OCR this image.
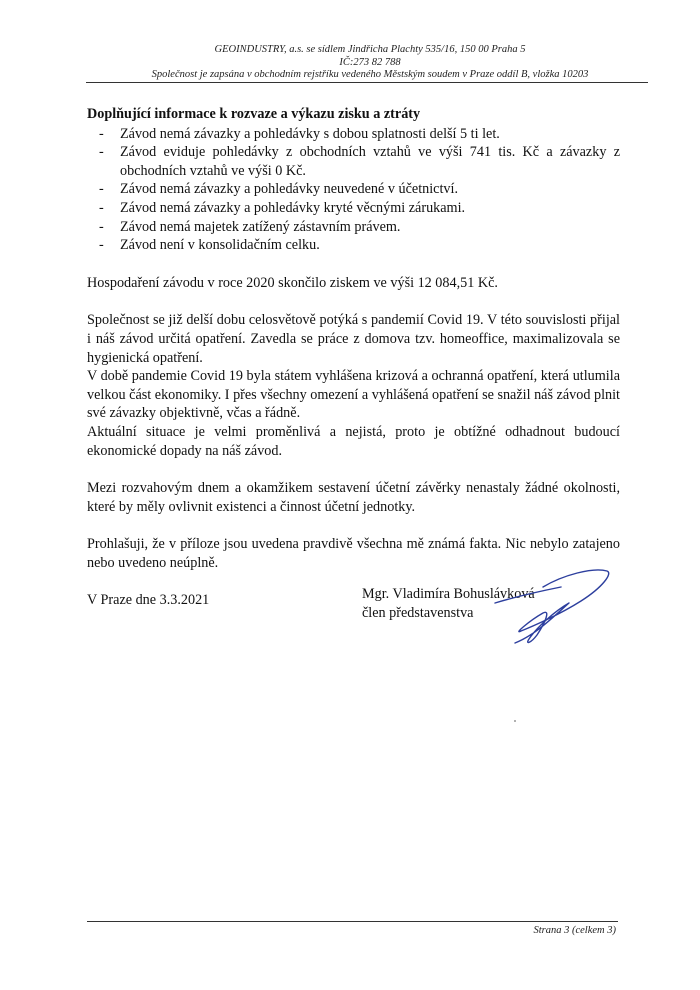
GEOINDUSTRY, a.s. se sídlem Jindřicha Plachty 535/16, 150 00 Praha 5
IČ:273 82 788
Společnost je zapsána v obchodním rejstříku vedeného Městským soudem v Praze oddíl B, vložka 10203
Doplňující informace k rozvaze a výkazu zisku a ztráty
- Závod nemá závazky a pohledávky s dobou splatnosti delší 5 ti let.
- Závod eviduje pohledávky z obchodních vztahů ve výši 741 tis. Kč a závazky z obchodních vztahů ve výši 0 Kč.
- Závod nemá závazky a pohledávky neuvedené v účetnictví.
- Závod nemá závazky a pohledávky kryté věcnými zárukami.
- Závod nemá majetek zatížený zástavním právem.
- Závod není v konsolidačním celku.

Hospodaření závodu v roce 2020 skončilo ziskem ve výši 12 084,51 Kč.

Společnost se již delší dobu celosvětově potýká s pandemií Covid 19. V této souvislosti přijal i náš závod určitá opatření. Zavedla se práce z domova tzv. homeoffice, maximalizovala se hygienická opatření.

V době pandemie Covid 19 byla státem vyhlášena krizová a ochranná opatření, která utlumila velkou část ekonomiky. I přes všechny omezení a vyhlášená opatření se snažil náš závod plnit své závazky objektivně, včas a řádně.

Aktuální situace je velmi proměnlivá a nejistá, proto je obtížné odhadnout budoucí ekonomické dopady na náš závod.

Mezi rozvahovým dnem a okamžikem sestavení účetní závěrky nenastaly žádné okolnosti, které by měly ovlivnit existenci a činnost účetní jednotky.

Prohlašuji, že v příloze jsou uvedena pravdivě všechna mě známá fakta. Nic nebylo zatajeno nebo uvedeno neúplně.

V Praze dne 3.3.2021	Mgr. Vladimíra Bohuslávková
člen představenstva
Strana 3 (celkem 3)
